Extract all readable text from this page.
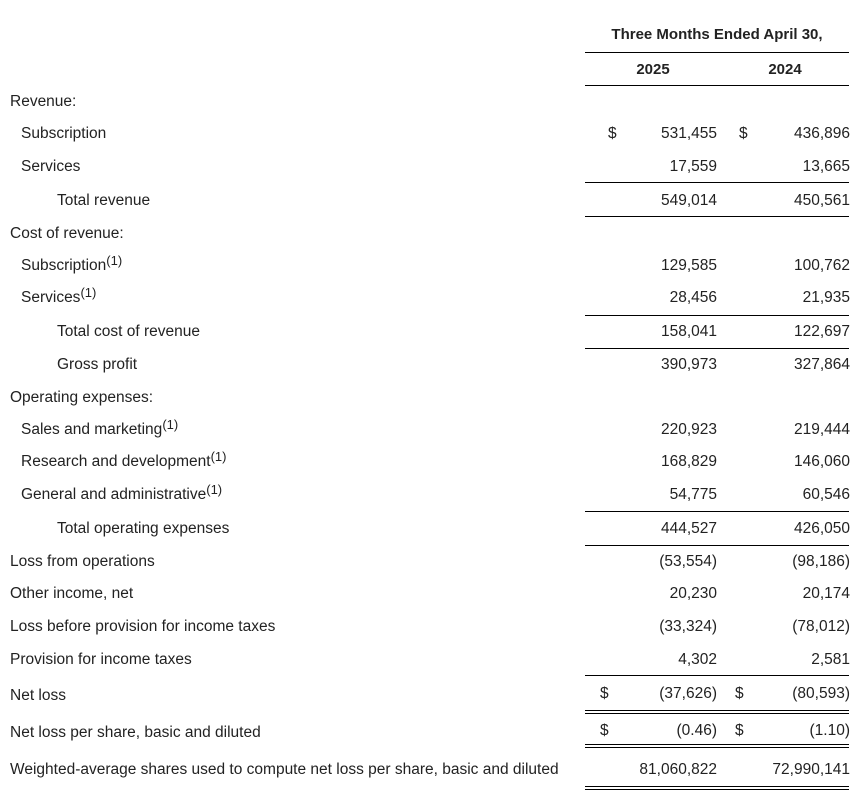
Three Months Ended April 30,
2025	2024
Revenue:
Subscription	$	531,455 $	436,896
Services	17,559	13,665
Total revenue	549,014	450,561
Cost of revenue:
Subscription$^{(1)}$	129,585	100,762
Services$^{(1)}$	28,456	21,935
Total cost of revenue	158,041	122,697
Gross profit	390,973	327,864
Operating expenses:
Sales and marketing$^{(1)}$	220,923	219,444
Research and development$^{(1)}$	168,829	146,060
General and administrative$^{(1)}$	54,775	60,546
Total operating expenses	444,527	426,050
Loss from operations	(53,554)	(98,186)
Other income, net	20,230	20,174
Loss before provision for income taxes	(33,324)	(78,012)
Provision for income taxes	4,302	2,581
Net loss	$	(37,626) $	(80,593)
Net loss per share, basic and diluted	$	(0.46) $	(1.10)
Weighted-average shares used to compute net loss per share, basic and diluted	81,060,822	72,990,141
